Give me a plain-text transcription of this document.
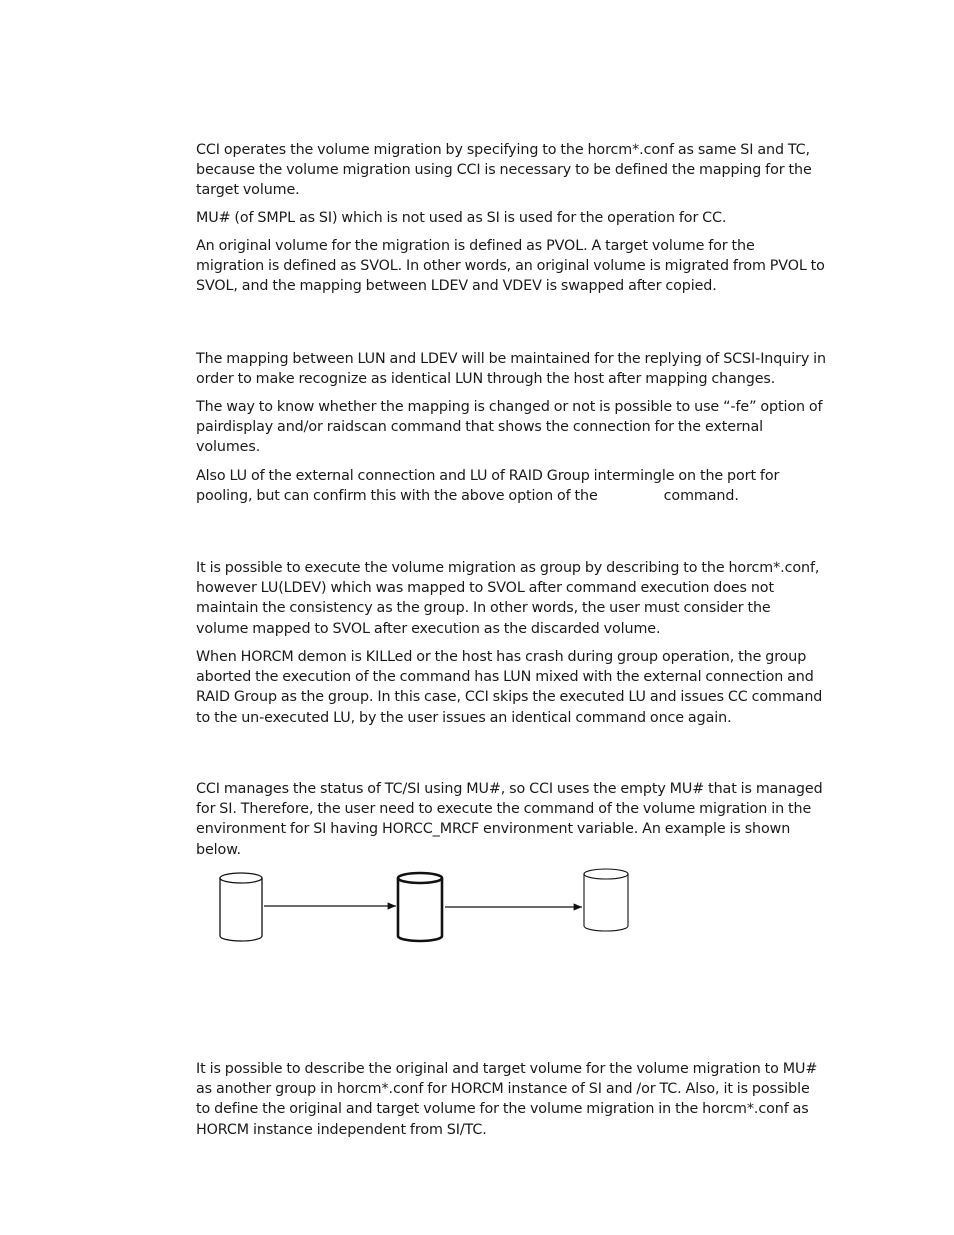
CCI operates the volume migration by specifying to the horcm*.conf as same SI and TC, because the volume migration using CCI is necessary to be defined the mapping for the target volume.

MU# (of SMPL as SI) which is not used as SI is used for the operation for CC.

An original volume for the migration is defined as PVOL. A target volume for the migration is defined as SVOL. In other words, an original volume is migrated from PVOL to SVOL, and the mapping between LDEV and VDEV is swapped after copied.

The mapping between LUN and LDEV will be maintained for the replying of SCSI-Inquiry in order to make recognize as identical LUN through the host after mapping changes.

The way to know whether the mapping is changed or not is possible to use “-fe” option of pairdisplay and/or raidscan command that shows the connection for the external volumes.

Also LU of the external connection and LU of RAID Group intermingle on the port for pooling, but can confirm this with the above option of the	command.

It is possible to execute the volume migration as group by describing to the horcm*.conf, however LU(LDEV) which was mapped to SVOL after command execution does not maintain the consistency as the group. In other words, the user must consider the volume mapped to SVOL after execution as the discarded volume.

When HORCM demon is KILLed or the host has crash during group operation, the group aborted the execution of the command has LUN mixed with the external connection and RAID Group as the group. In this case, CCI skips the executed LU and issues CC command to the un-executed LU, by the user issues an identical command once again.

CCI manages the status of TC/SI using MU#, so CCI uses the empty MU# that is managed for SI. Therefore, the user need to execute the command of the volume migration in the environment for SI having HORCC_MRCF environment variable. An example is shown below.

It is possible to describe the original and target volume for the volume migration to MU# as another group in horcm*.conf for HORCM instance of SI and /or TC. Also, it is possible to define the original and target volume for the volume migration in the horcm*.conf as HORCM instance independent from SI/TC.
